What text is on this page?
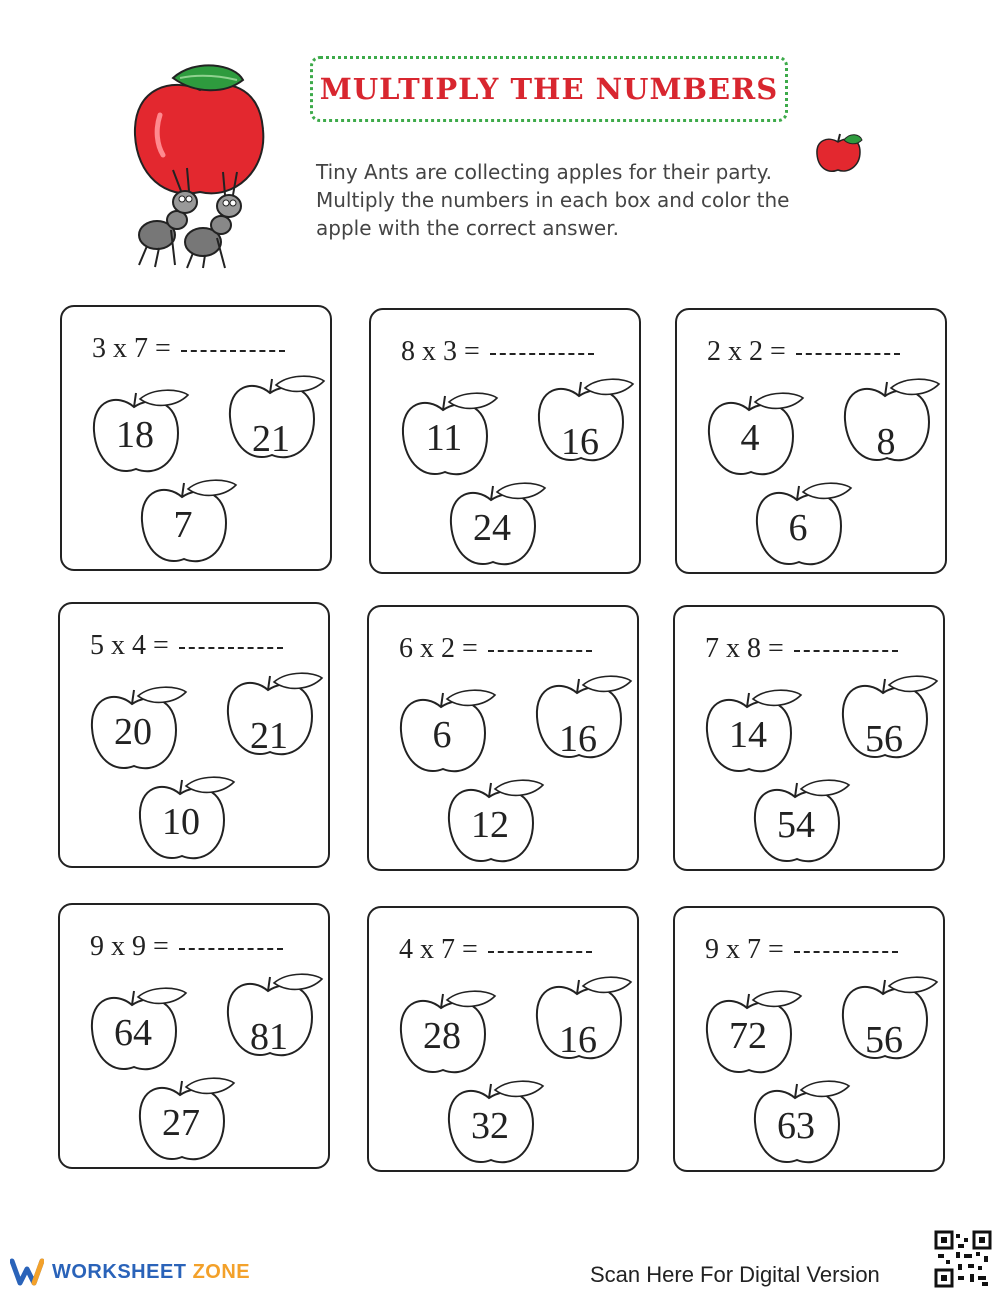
MULTIPLY THE NUMBERS
Tiny Ants are collecting apples for their party.
Multiply the numbers in each box and color the
apple with the correct answer.
3 x 7 =
18	21
7
8 x 3 =
11	16
24
2 x 2 =
4	8
6
5 x 4 =
20	21
10
6 x 2 =
6	16
12
7 x 8 =
14	56
54
9 x 9 =
64	81
27
4 x 7 =
28	16
32
9 x 7 =
72	56
63
WORKSHEET ZONE	Scan Here For Digital Version
